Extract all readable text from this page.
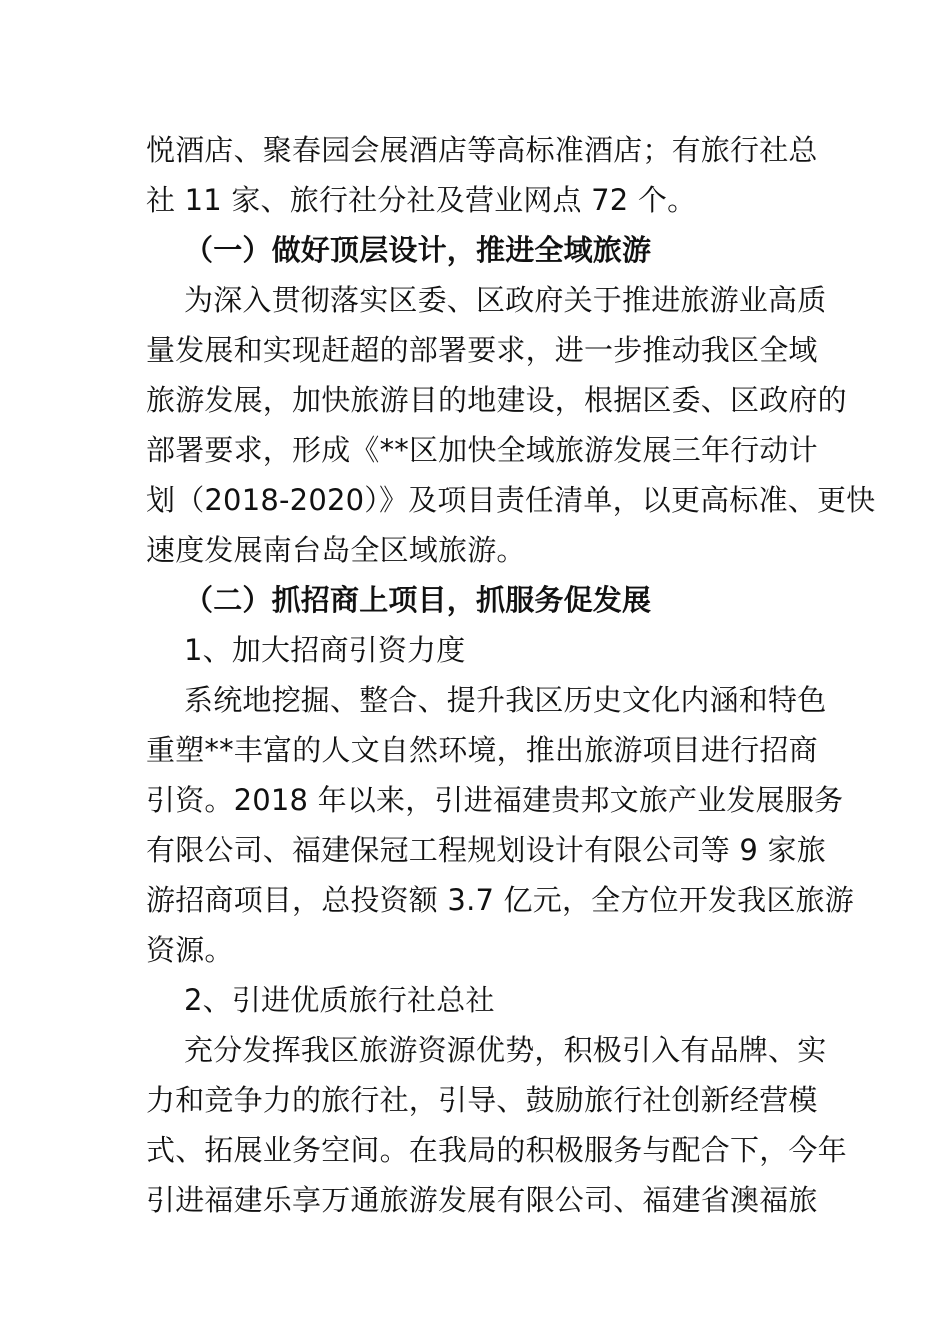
悦酒店、聚春园会展酒店等高标准酒店；有旅行社总
社 11 家、旅行社分社及营业网点 72 个。
（一）做好顶层设计，推进全域旅游
为深入贯彻落实区委、区政府关于推进旅游业高质
量发展和实现赶超的部署要求，进一步推动我区全域
旅游发展，加快旅游目的地建设，根据区委、区政府的
部署要求，形成《**区加快全域旅游发展三年行动计
划（2018-2020）》及项目责任清单，以更高标准、更快
速度发展南台岛全区域旅游。
（二）抓招商上项目，抓服务促发展
1、加大招商引资力度
系统地挖掘、整合、提升我区历史文化内涵和特色
重塑**丰富的人文自然环境，推出旅游项目进行招商
引资。2018 年以来，引进福建贵邦文旅产业发展服务
有限公司、福建保冠工程规划设计有限公司等 9 家旅
游招商项目，总投资额 3.7 亿元，全方位开发我区旅游
资源。
2、引进优质旅行社总社
充分发挥我区旅游资源优势，积极引入有品牌、实
力和竞争力的旅行社，引导、鼓励旅行社创新经营模
式、拓展业务空间。在我局的积极服务与配合下，今年
引进福建乐享万通旅游发展有限公司、福建省澳福旅
